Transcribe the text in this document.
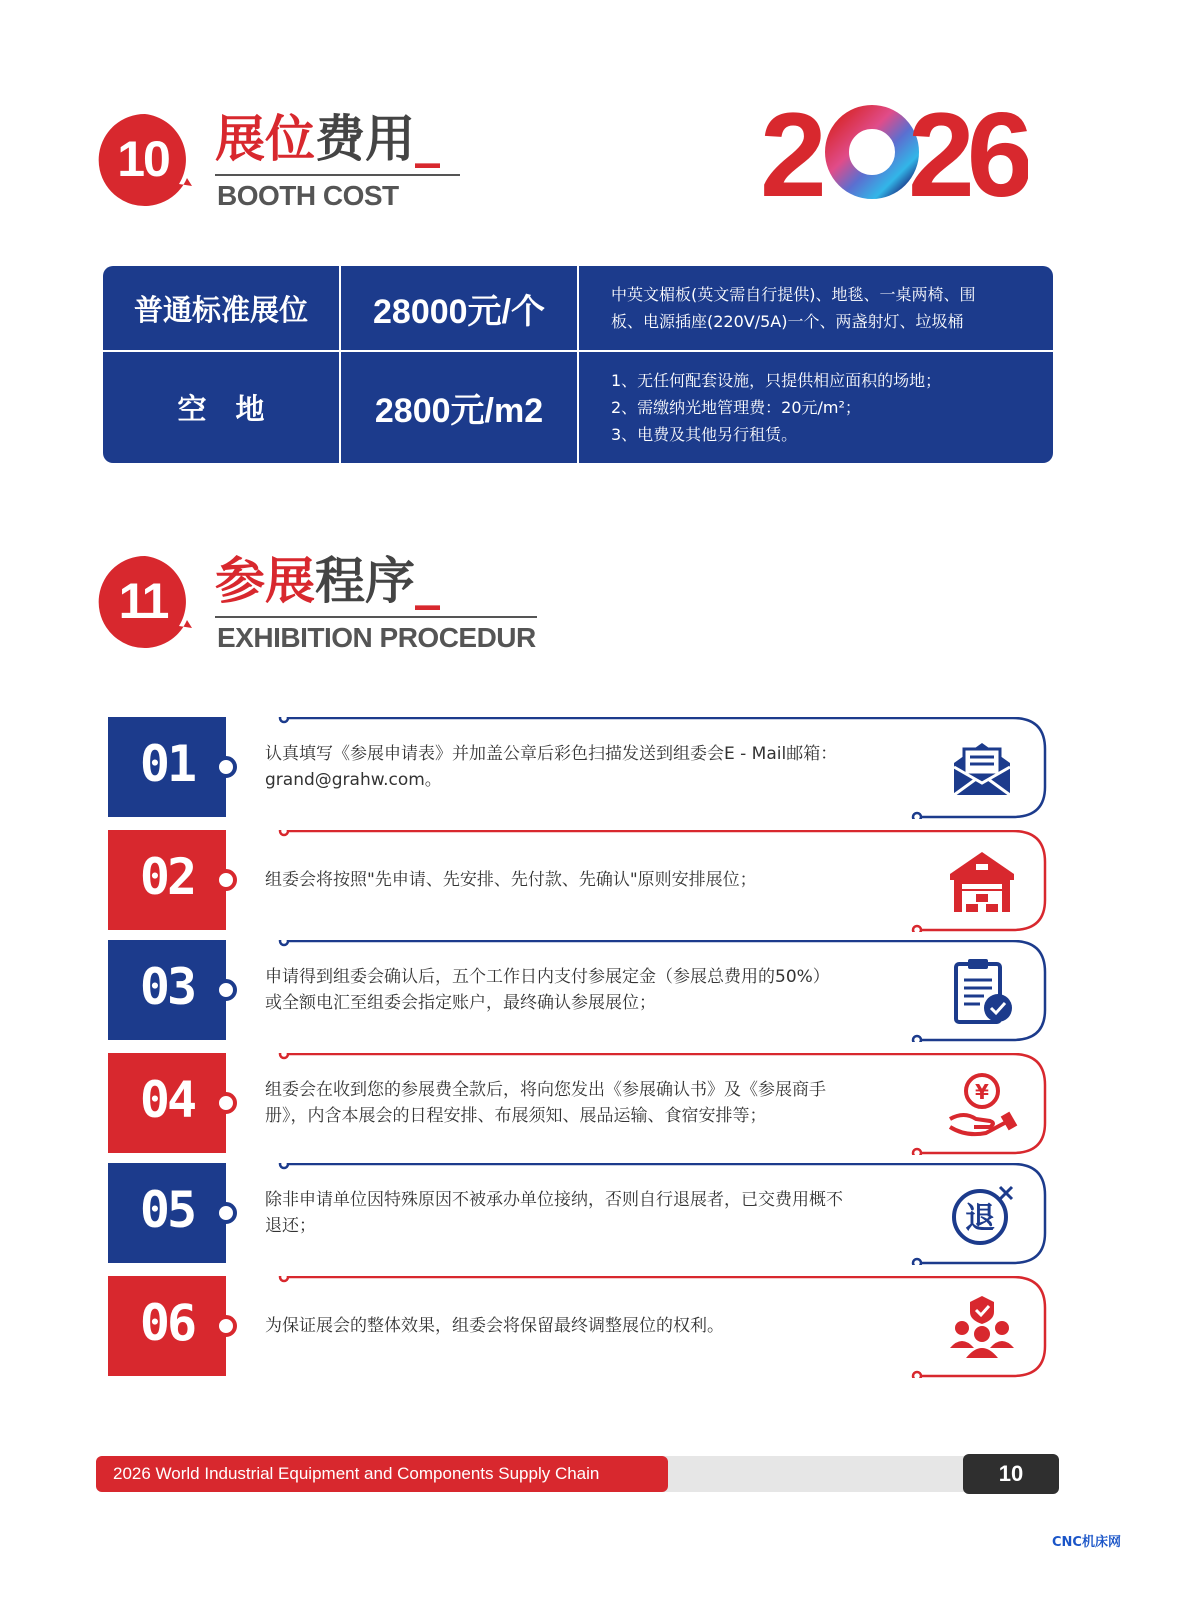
10 展位费用_
BOOTH COST	2 26
普通标准展位	28000元/个	中英文楣板(英文需自行提供)、地毯、一桌两椅、围
板、电源插座(220V/5A)一个、两盏射灯、垃圾桶
空　地	2800元/m2
1、无任何配套设施，只提供相应面积的场地；
2、需缴纳光地管理费：20元/m²；
3、电费及其他另行租赁。
11 参展程序_
EXHIBITION PROCEDUR
01	认真填写《参展申请表》并加盖公章后彩色扫描发送到组委会E - Mail邮箱：
grand@grahw.com。
02	组委会将按照"先申请、先安排、先付款、先确认"原则安排展位；
03	申请得到组委会确认后，五个工作日内支付参展定金（参展总费用的50%）
或全额电汇至组委会指定账户，最终确认参展展位；
04	组委会在收到您的参展费全款后，将向您发出《参展确认书》及《参展商手
册》，内含本展会的日程安排、布展须知、展品运输、食宿安排等；
¥
05	除非申请单位因特殊原因不被承办单位接纳，否则自行退展者，已交费用概不
退还；	退
06	为保证展会的整体效果，组委会将保留最终调整展位的权利。
2026 World Industrial Equipment and Components Supply Chain	10
CNC机床网
